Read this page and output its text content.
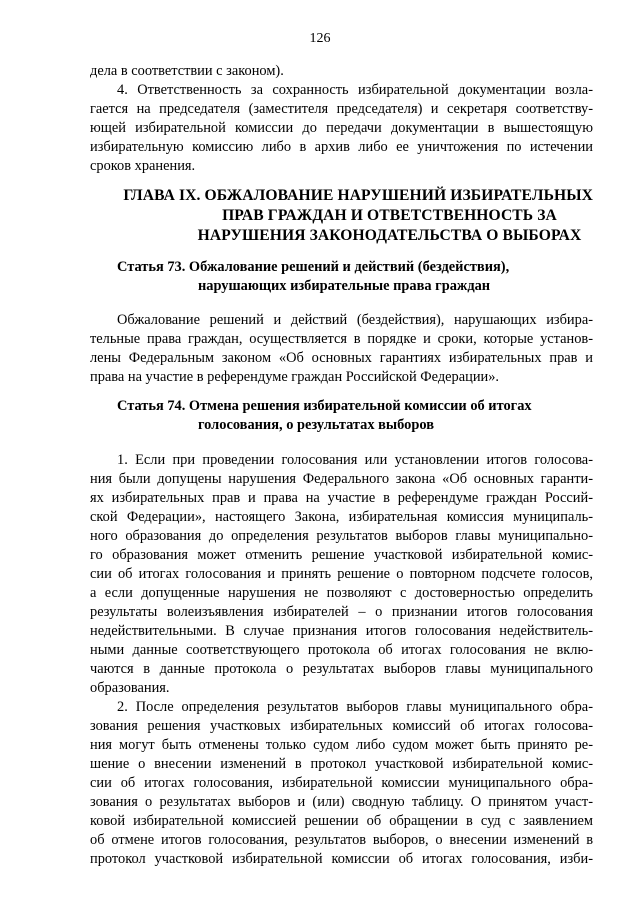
126
дела в соответствии с законом).
4. Ответственность за сохранность избирательной документации возла-
гается на председателя (заместителя председателя) и секретаря соответству-
ющей избирательной комиссии до передачи документации в вышестоящую
избирательную комиссию либо в архив либо ее уничтожения по истечении
сроков хранения.
ГЛАВА IX. ОБЖАЛОВАНИЕ НАРУШЕНИЙ ИЗБИРАТЕЛЬНЫХ
ПРАВ ГРАЖДАН И ОТВЕТСТВЕННОСТЬ ЗА
НАРУШЕНИЯ ЗАКОНОДАТЕЛЬСТВА О ВЫБОРАХ
Статья 73. Обжалование решений и действий (бездействия),
нарушающих избирательные права граждан
Обжалование решений и действий (бездействия), нарушающих избира-
тельные права граждан, осуществляется в порядке и сроки, которые установ-
лены Федеральным законом «Об основных гарантиях избирательных прав и
права на участие в референдуме граждан Российской Федерации».
Статья 74. Отмена решения избирательной комиссии об итогах
голосования, о результатах выборов
1. Если при проведении голосования или установлении итогов голосова-
ния были допущены нарушения Федерального закона «Об основных гаранти-
ях избирательных прав и права на участие в референдуме граждан Россий-
ской Федерации», настоящего Закона, избирательная комиссия муниципаль-
ного образования до определения результатов выборов главы муниципально-
го образования может отменить решение участковой избирательной комис-
сии об итогах голосования и принять решение о повторном подсчете голосов,
а если допущенные нарушения не позволяют с достоверностью определить
результаты волеизъявления избирателей – о признании итогов голосования
недействительными. В случае признания итогов голосования недействитель-
ными данные соответствующего протокола об итогах голосования не вклю-
чаются в данные протокола о результатах выборов главы муниципального
образования.
2. После определения результатов выборов главы муниципального обра-
зования решения участковых избирательных комиссий об итогах голосова-
ния могут быть отменены только судом либо судом может быть принято ре-
шение о внесении изменений в протокол участковой избирательной комис-
сии об итогах голосования, избирательной комиссии муниципального обра-
зования о результатах выборов и (или) сводную таблицу. О принятом участ-
ковой избирательной комиссией решении об обращении в суд с заявлением
об отмене итогов голосования, результатов выборов, о внесении изменений в
протокол участковой избирательной комиссии об итогах голосования, изби-
